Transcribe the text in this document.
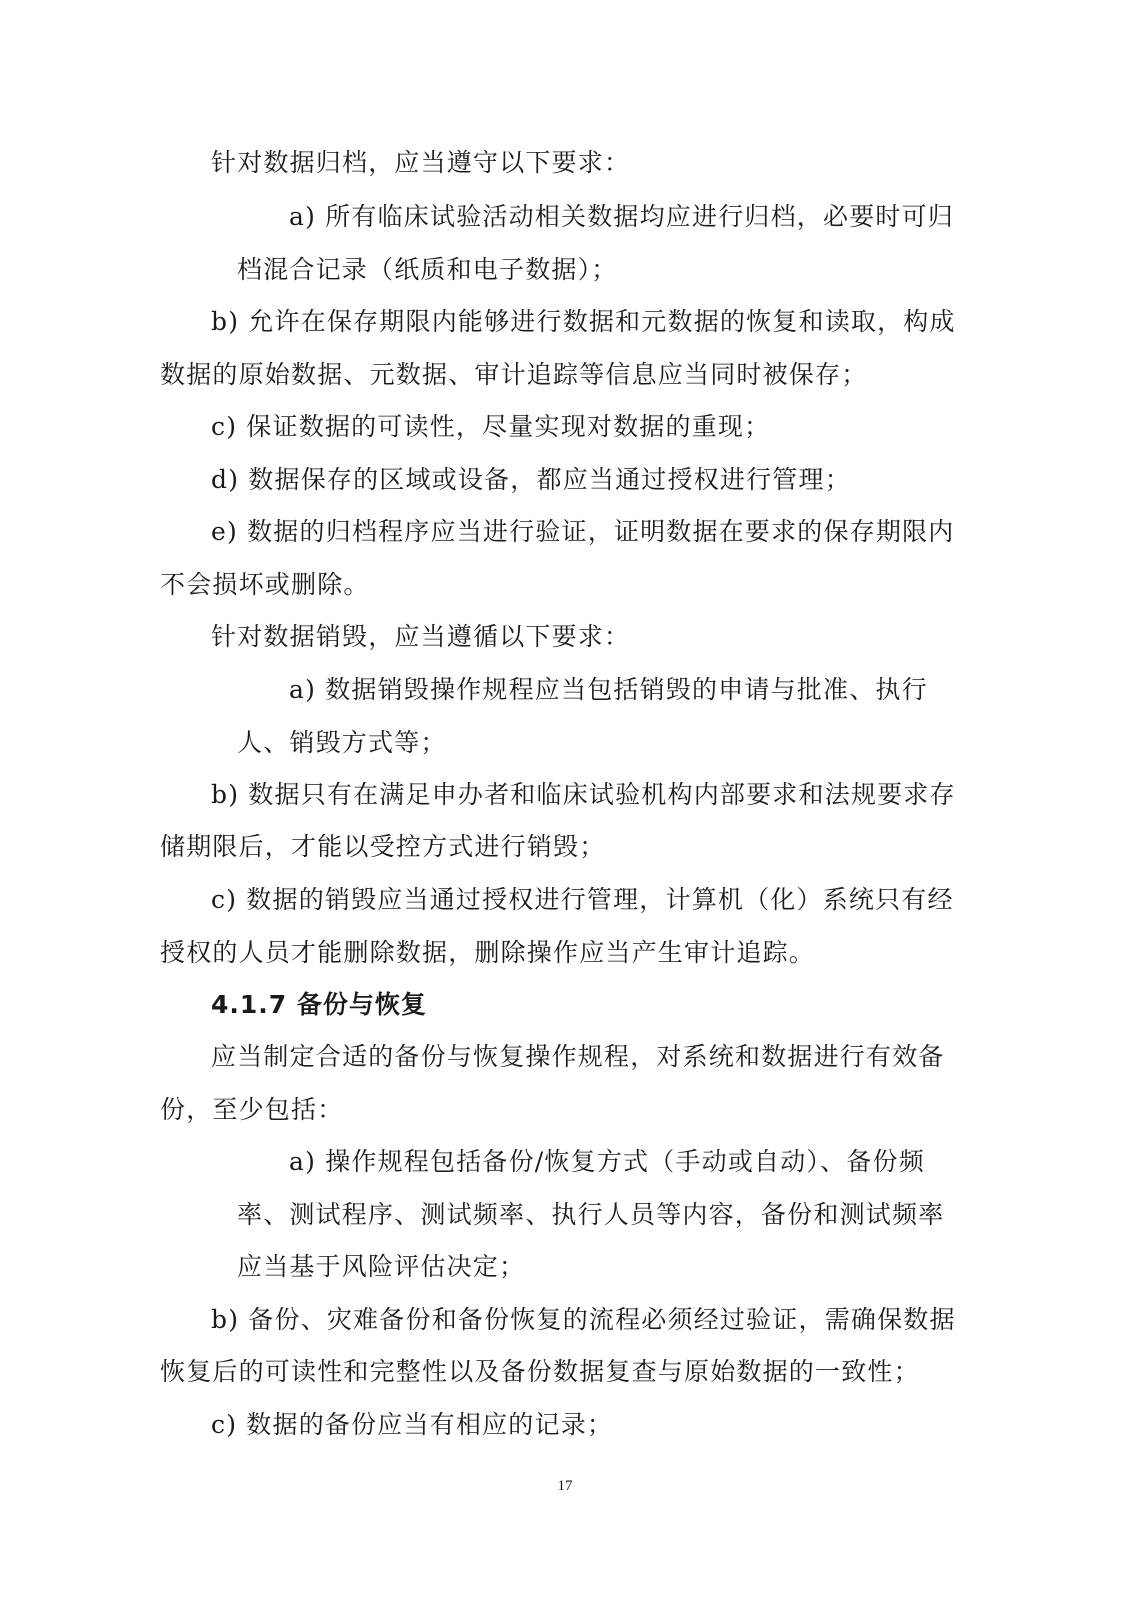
针对数据归档，应当遵守以下要求：

a) 所有临床试验活动相关数据均应进行归档，必要时可归

档混合记录（纸质和电子数据）；

b) 允许在保存期限内能够进行数据和元数据的恢复和读取，构成

数据的原始数据、元数据、审计追踪等信息应当同时被保存；

c) 保证数据的可读性，尽量实现对数据的重现；

d) 数据保存的区域或设备，都应当通过授权进行管理；

e) 数据的归档程序应当进行验证，证明数据在要求的保存期限内

不会损坏或删除。

针对数据销毁，应当遵循以下要求：

a) 数据销毁操作规程应当包括销毁的申请与批准、执行

人、销毁方式等；

b) 数据只有在满足申办者和临床试验机构内部要求和法规要求存

储期限后，才能以受控方式进行销毁；

c) 数据的销毁应当通过授权进行管理，计算机（化）系统只有经

授权的人员才能删除数据，删除操作应当产生审计追踪。

4.1.7 备份与恢复

应当制定合适的备份与恢复操作规程，对系统和数据进行有效备

份，至少包括：

a) 操作规程包括备份/恢复方式（手动或自动）、备份频

率、测试程序、测试频率、执行人员等内容，备份和测试频率

应当基于风险评估决定；

b) 备份、灾难备份和备份恢复的流程必须经过验证，需确保数据

恢复后的可读性和完整性以及备份数据复查与原始数据的一致性；

c) 数据的备份应当有相应的记录；

17
